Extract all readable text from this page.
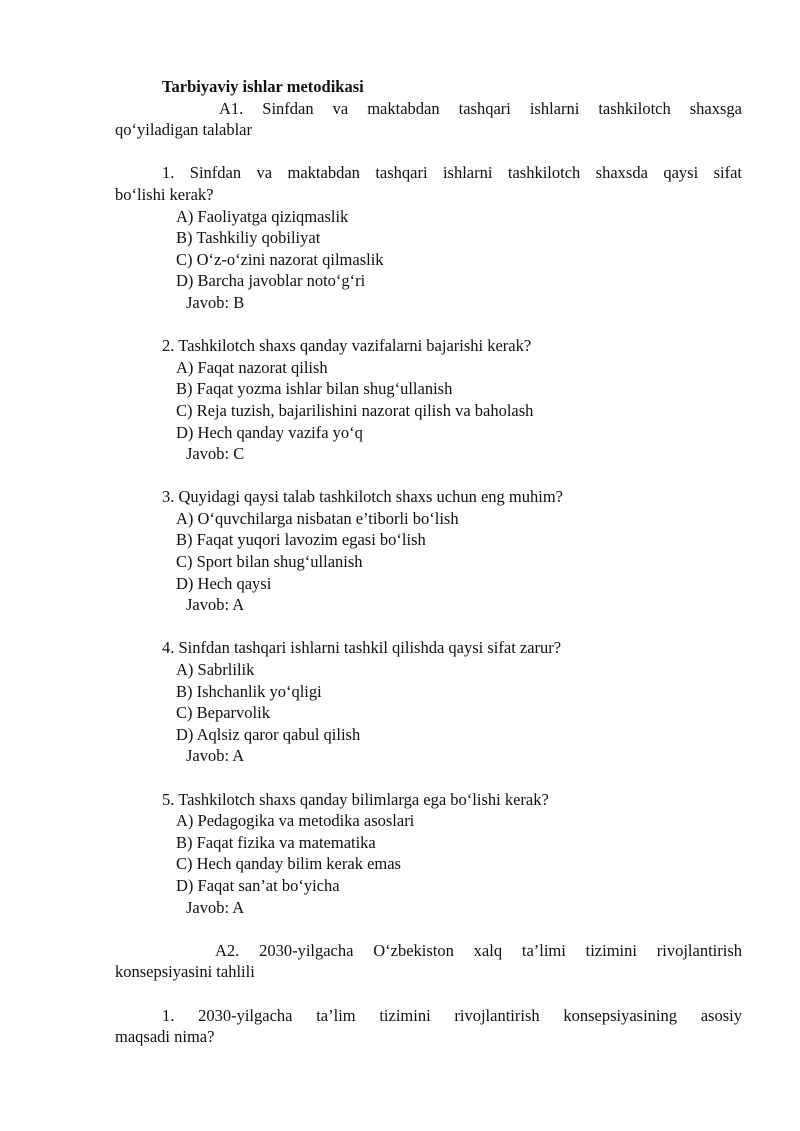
Tarbiyaviy ishlar metodikasi
A1. Sinfdan va maktabdan tashqari ishlarni tashkilotch shaxsga
qo‘yiladigan talablar
1. Sinfdan va maktabdan tashqari ishlarni tashkilotch shaxsda qaysi sifat
bo‘lishi kerak?
A) Faoliyatga qiziqmaslik
B) Tashkiliy qobiliyat
C) O‘z-o‘zini nazorat qilmaslik
D) Barcha javoblar noto‘g‘ri
Javob: B
2. Tashkilotch shaxs qanday vazifalarni bajarishi kerak?
A) Faqat nazorat qilish
B) Faqat yozma ishlar bilan shug‘ullanish
C) Reja tuzish, bajarilishini nazorat qilish va baholash
D) Hech qanday vazifa yo‘q
Javob: C
3. Quyidagi qaysi talab tashkilotch shaxs uchun eng muhim?
A) O‘quvchilarga nisbatan e’tiborli bo‘lish
B) Faqat yuqori lavozim egasi bo‘lish
C) Sport bilan shug‘ullanish
D) Hech qaysi
Javob: A
4. Sinfdan tashqari ishlarni tashkil qilishda qaysi sifat zarur?
A) Sabrlilik
B) Ishchanlik yo‘qligi
C) Beparvolik
D) Aqlsiz qaror qabul qilish
Javob: A
5. Tashkilotch shaxs qanday bilimlarga ega bo‘lishi kerak?
A) Pedagogika va metodika asoslari
B) Faqat fizika va matematika
C) Hech qanday bilim kerak emas
D) Faqat san’at bo‘yicha
Javob: A
A2. 2030-yilgacha O‘zbekiston xalq ta’limi tizimini rivojlantirish
konsepsiyasini tahlili
1. 2030-yilgacha ta’lim tizimini rivojlantirish konsepsiyasining asosiy
maqsadi nima?
